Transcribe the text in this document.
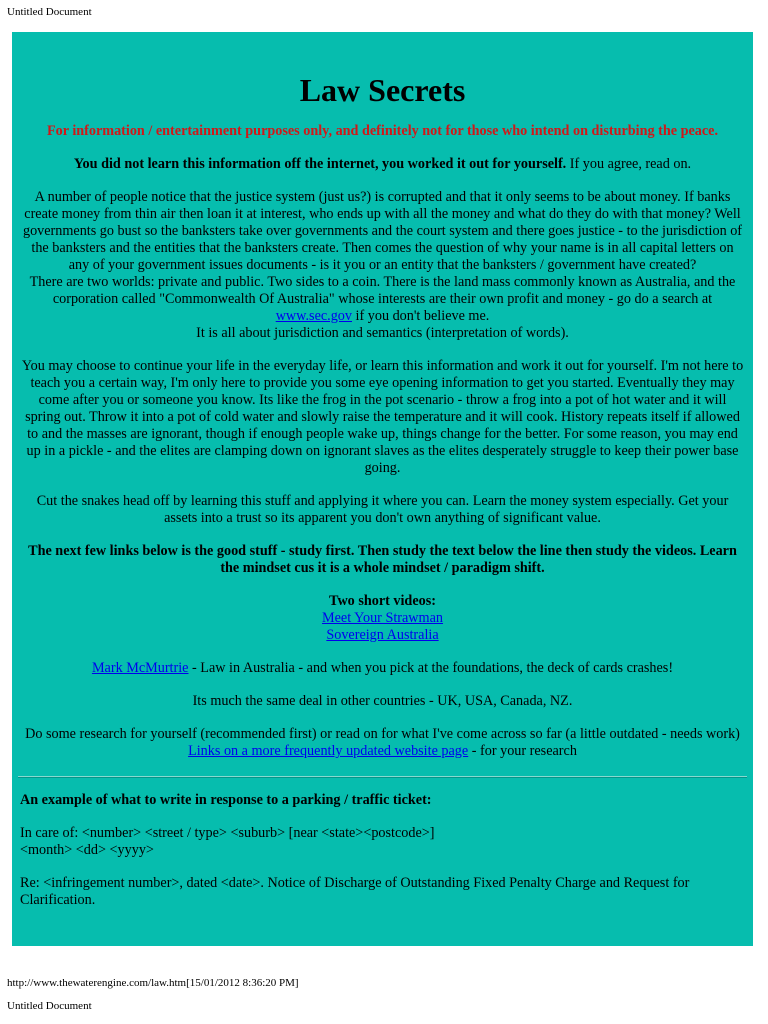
Untitled Document
Law Secrets

For information / entertainment purposes only, and definitely not for those who intend on disturbing the peace.

You did not learn this information off the internet, you worked it out for yourself. If you agree, read on.

A number of people notice that the justice system (just us?) is corrupted and that it only seems to be about money. If banks create money from thin air then loan it at interest, who ends up with all the money and what do they do with that money? Well governments go bust so the banksters take over governments and the court system and there goes justice - to the jurisdiction of the banksters and the entities that the banksters create. Then comes the question of why your name is in all capital letters on any of your government issues documents - is it you or an entity that the banksters / government have created?

There are two worlds: private and public. Two sides to a coin. There is the land mass commonly known as Australia, and the corporation called "Commonwealth Of Australia" whose interests are their own profit and money - go do a search at www.sec.gov if you don't believe me.

It is all about jurisdiction and semantics (interpretation of words).

You may choose to continue your life in the everyday life, or learn this information and work it out for yourself. I'm not here to teach you a certain way, I'm only here to provide you some eye opening information to get you started. Eventually they may come after you or someone you know. Its like the frog in the pot scenario - throw a frog into a pot of hot water and it will spring out. Throw it into a pot of cold water and slowly raise the temperature and it will cook. History repeats itself if allowed to and the masses are ignorant, though if enough people wake up, things change for the better. For some reason, you may end up in a pickle - and the elites are clamping down on ignorant slaves as the elites desperately struggle to keep their power base going.

Cut the snakes head off by learning this stuff and applying it where you can. Learn the money system especially. Get your assets into a trust so its apparent you don't own anything of significant value.

The next few links below is the good stuff - study first. Then study the text below the line then study the videos. Learn the mindset cus it is a whole mindset / paradigm shift.

Two short videos:
Meet Your Strawman
Sovereign Australia

Mark McMurtrie - Law in Australia - and when you pick at the foundations, the deck of cards crashes!

Its much the same deal in other countries - UK, USA, Canada, NZ.

Do some research for yourself (recommended first) or read on for what I've come across so far (a little outdated - needs work)
Links on a more frequently updated website page - for your research

An example of what to write in response to a parking / traffic ticket:

In care of: <number> <street / type> <suburb> [near <state><postcode>]
<month> <dd> <yyyy>

Re: <infringement number>, dated <date>. Notice of Discharge of Outstanding Fixed Penalty Charge and Request for Clarification.

http://www.thewaterengine.com/law.htm[15/01/2012 8:36:20 PM]
Untitled Document
